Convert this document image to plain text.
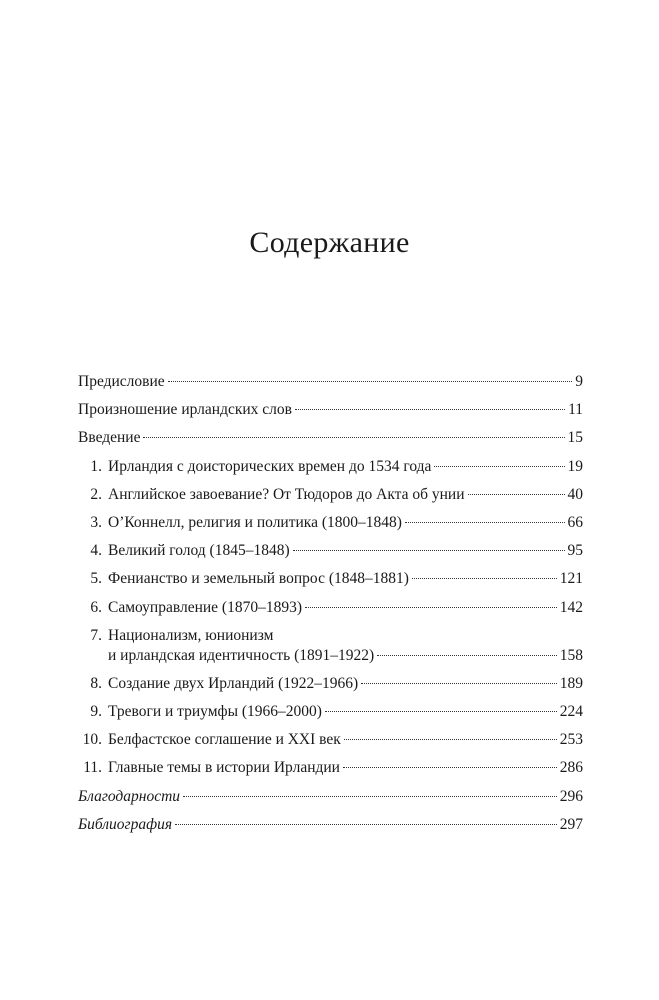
Содержание
Предисловие	9
Произношение ирландских слов	11
Введение	15
1. Ирландия с доисторических времен до 1534 года	19
2. Английское завоевание? От Тюдоров до Акта об унии	40
3. О’Коннелл, религия и политика (1800–1848)	66
4. Великий голод (1845–1848)	95
5. Фенианство и земельный вопрос (1848–1881)	121
6. Самоуправление (1870–1893)	142
7. Национализм, юнионизм
и ирландская идентичность (1891–1922)	158
8. Создание двух Ирландий (1922–1966)	189
9. Тревоги и триумфы (1966–2000)	224
10. Белфастское соглашение и XXI век	253
11. Главные темы в истории Ирландии	286
Благодарности	296
Библиография	297
